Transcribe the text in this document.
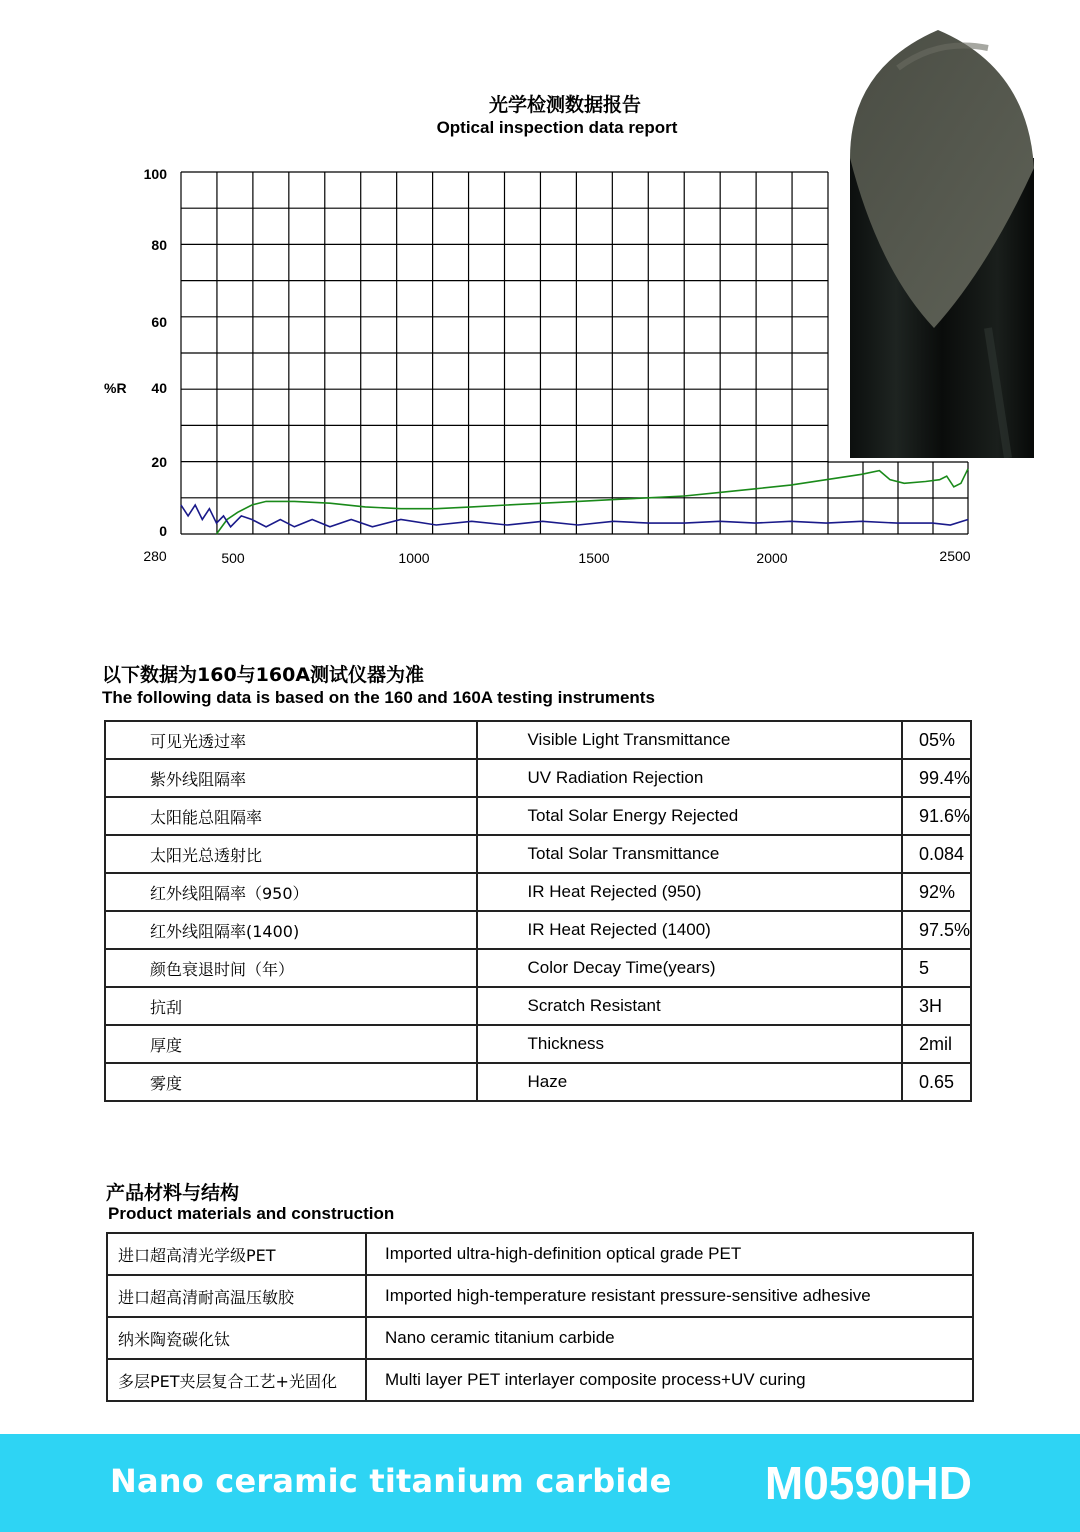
光学检测数据报告
Optical inspection data report
100
80
60
40
20
0
%R
280	500	1000	1500	2000	2500
以下数据为160与160A测试仪器为准
The following data is based on the 160 and 160A testing instruments
可见光透过率	Visible Light Transmittance	05%
紫外线阻隔率	UV Radiation Rejection	99.4%
太阳能总阻隔率	Total Solar Energy Rejected	91.6%
太阳光总透射比	Total Solar Transmittance	0.084
红外线阻隔率（950）	IR Heat Rejected (950)	92%
红外线阻隔率(1400)	IR Heat Rejected (1400)	97.5%
颜色衰退时间（年）	Color Decay Time(years)	5
抗刮	Scratch Resistant	3H
厚度	Thickness	2mil
雾度	Haze	0.65
产品材料与结构
Product materials and construction
进口超高清光学级PET	Imported ultra-high-definition optical grade PET
进口超高清耐高温压敏胶	Imported high-temperature resistant pressure-sensitive adhesive
纳米陶瓷碳化钛	Nano ceramic titanium carbide
多层PET夹层复合工艺+光固化	Multi layer PET interlayer composite process+UV curing
Nano ceramic titanium carbide M0590HD
